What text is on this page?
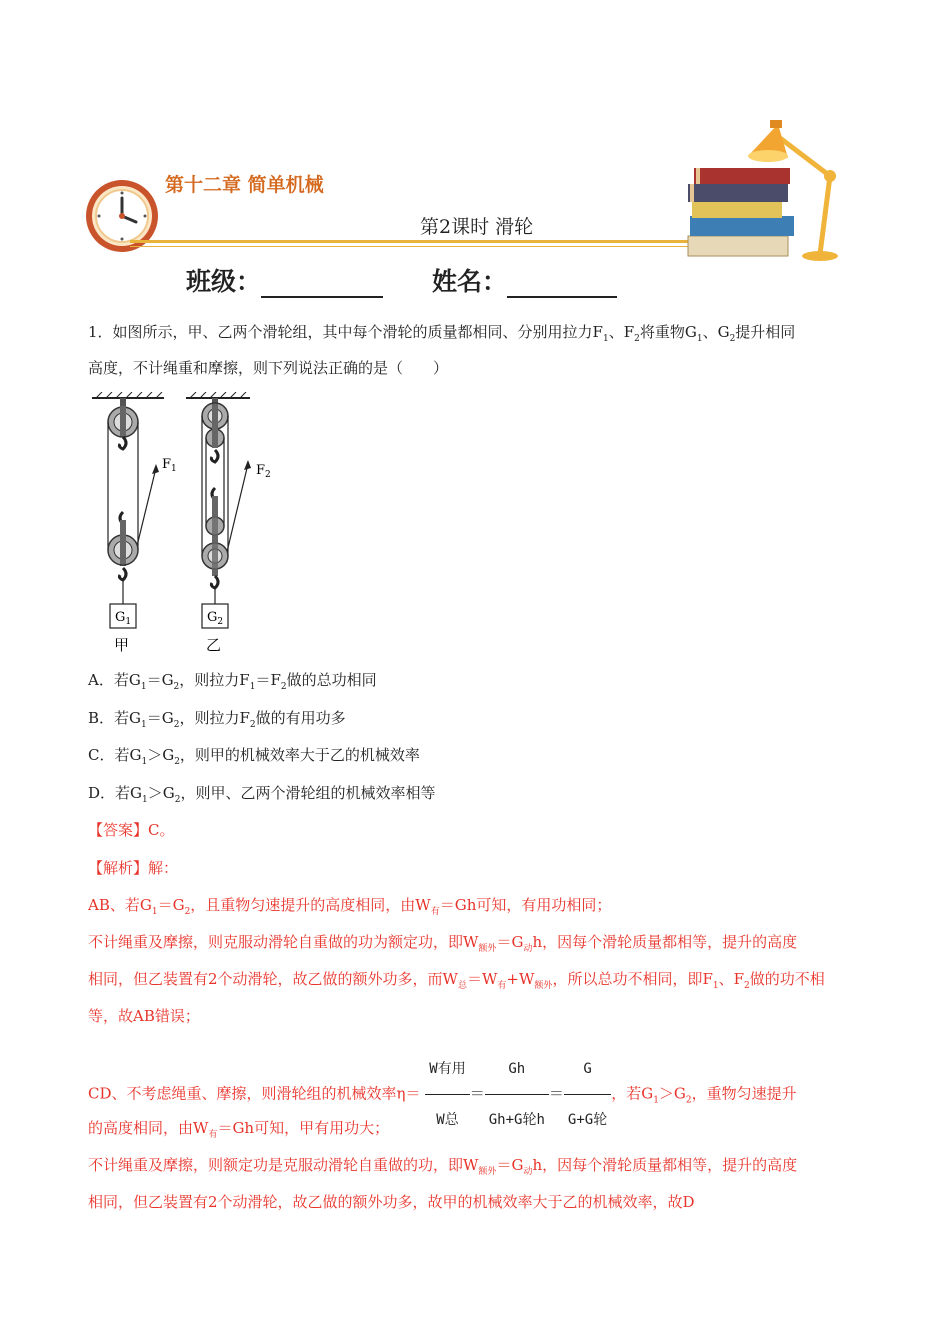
第十二章 简单机械
第2课时 滑轮
班级：	姓名：
1．如图所示，甲、乙两个滑轮组，其中每个滑轮的质量都相同、分别用拉力$F_1$、$F_2$将重物$G_1$、$G_2$提升相同
高度，不计绳重和摩擦，则下列说法正确的是（　　）
$F_1$
$G_1$
甲
$F_2$
$G_2$
乙
A．若$G_1=G_2$，则拉力$F_1=F_2$做的总功相同
B．若$G_1=G_2$，则拉力$F_2$做的有用功多
C．若$G_1>G_2$，则甲的机械效率大于乙的机械效率
D．若$G_1>G_2$，则甲、乙两个滑轮组的机械效率相等
【答案】C。
【解析】解：
AB、若$G_1=G_2$，且重物匀速提升的高度相同，由$W_有=Gh$可知，有用功相同；
不计绳重及摩擦，则克服动滑轮自重做的功为额定功，即$W_{额外}=G_动h$，因每个滑轮质量都相等，提升的高度
相同，但乙装置有2个动滑轮，故乙做的额外功多，而$W_总=W_有+W_{额外}$，所以总功不相同，即$F_1$、$F_2$做的功不相
等，故AB错误；
CD、不考虑绳重、摩擦，则滑轮组的机械效率$\eta= \frac{\text{W有用}}{\text{W总}} = \frac{Gh}{\text{Gh+G轮h}} = \frac{G}{\text{G+G轮}}$ ，若$G_1>G_2$，重物匀速提升
的高度相同，由$W_有=Gh$可知，甲有用功大；
不计绳重及摩擦，则额定功是克服动滑轮自重做的功，即$W_{额外}=G_动h$，因每个滑轮质量都相等，提升的高度
相同，但乙装置有2个动滑轮，故乙做的额外功多，故甲的机械效率大于乙的机械效率，故D
